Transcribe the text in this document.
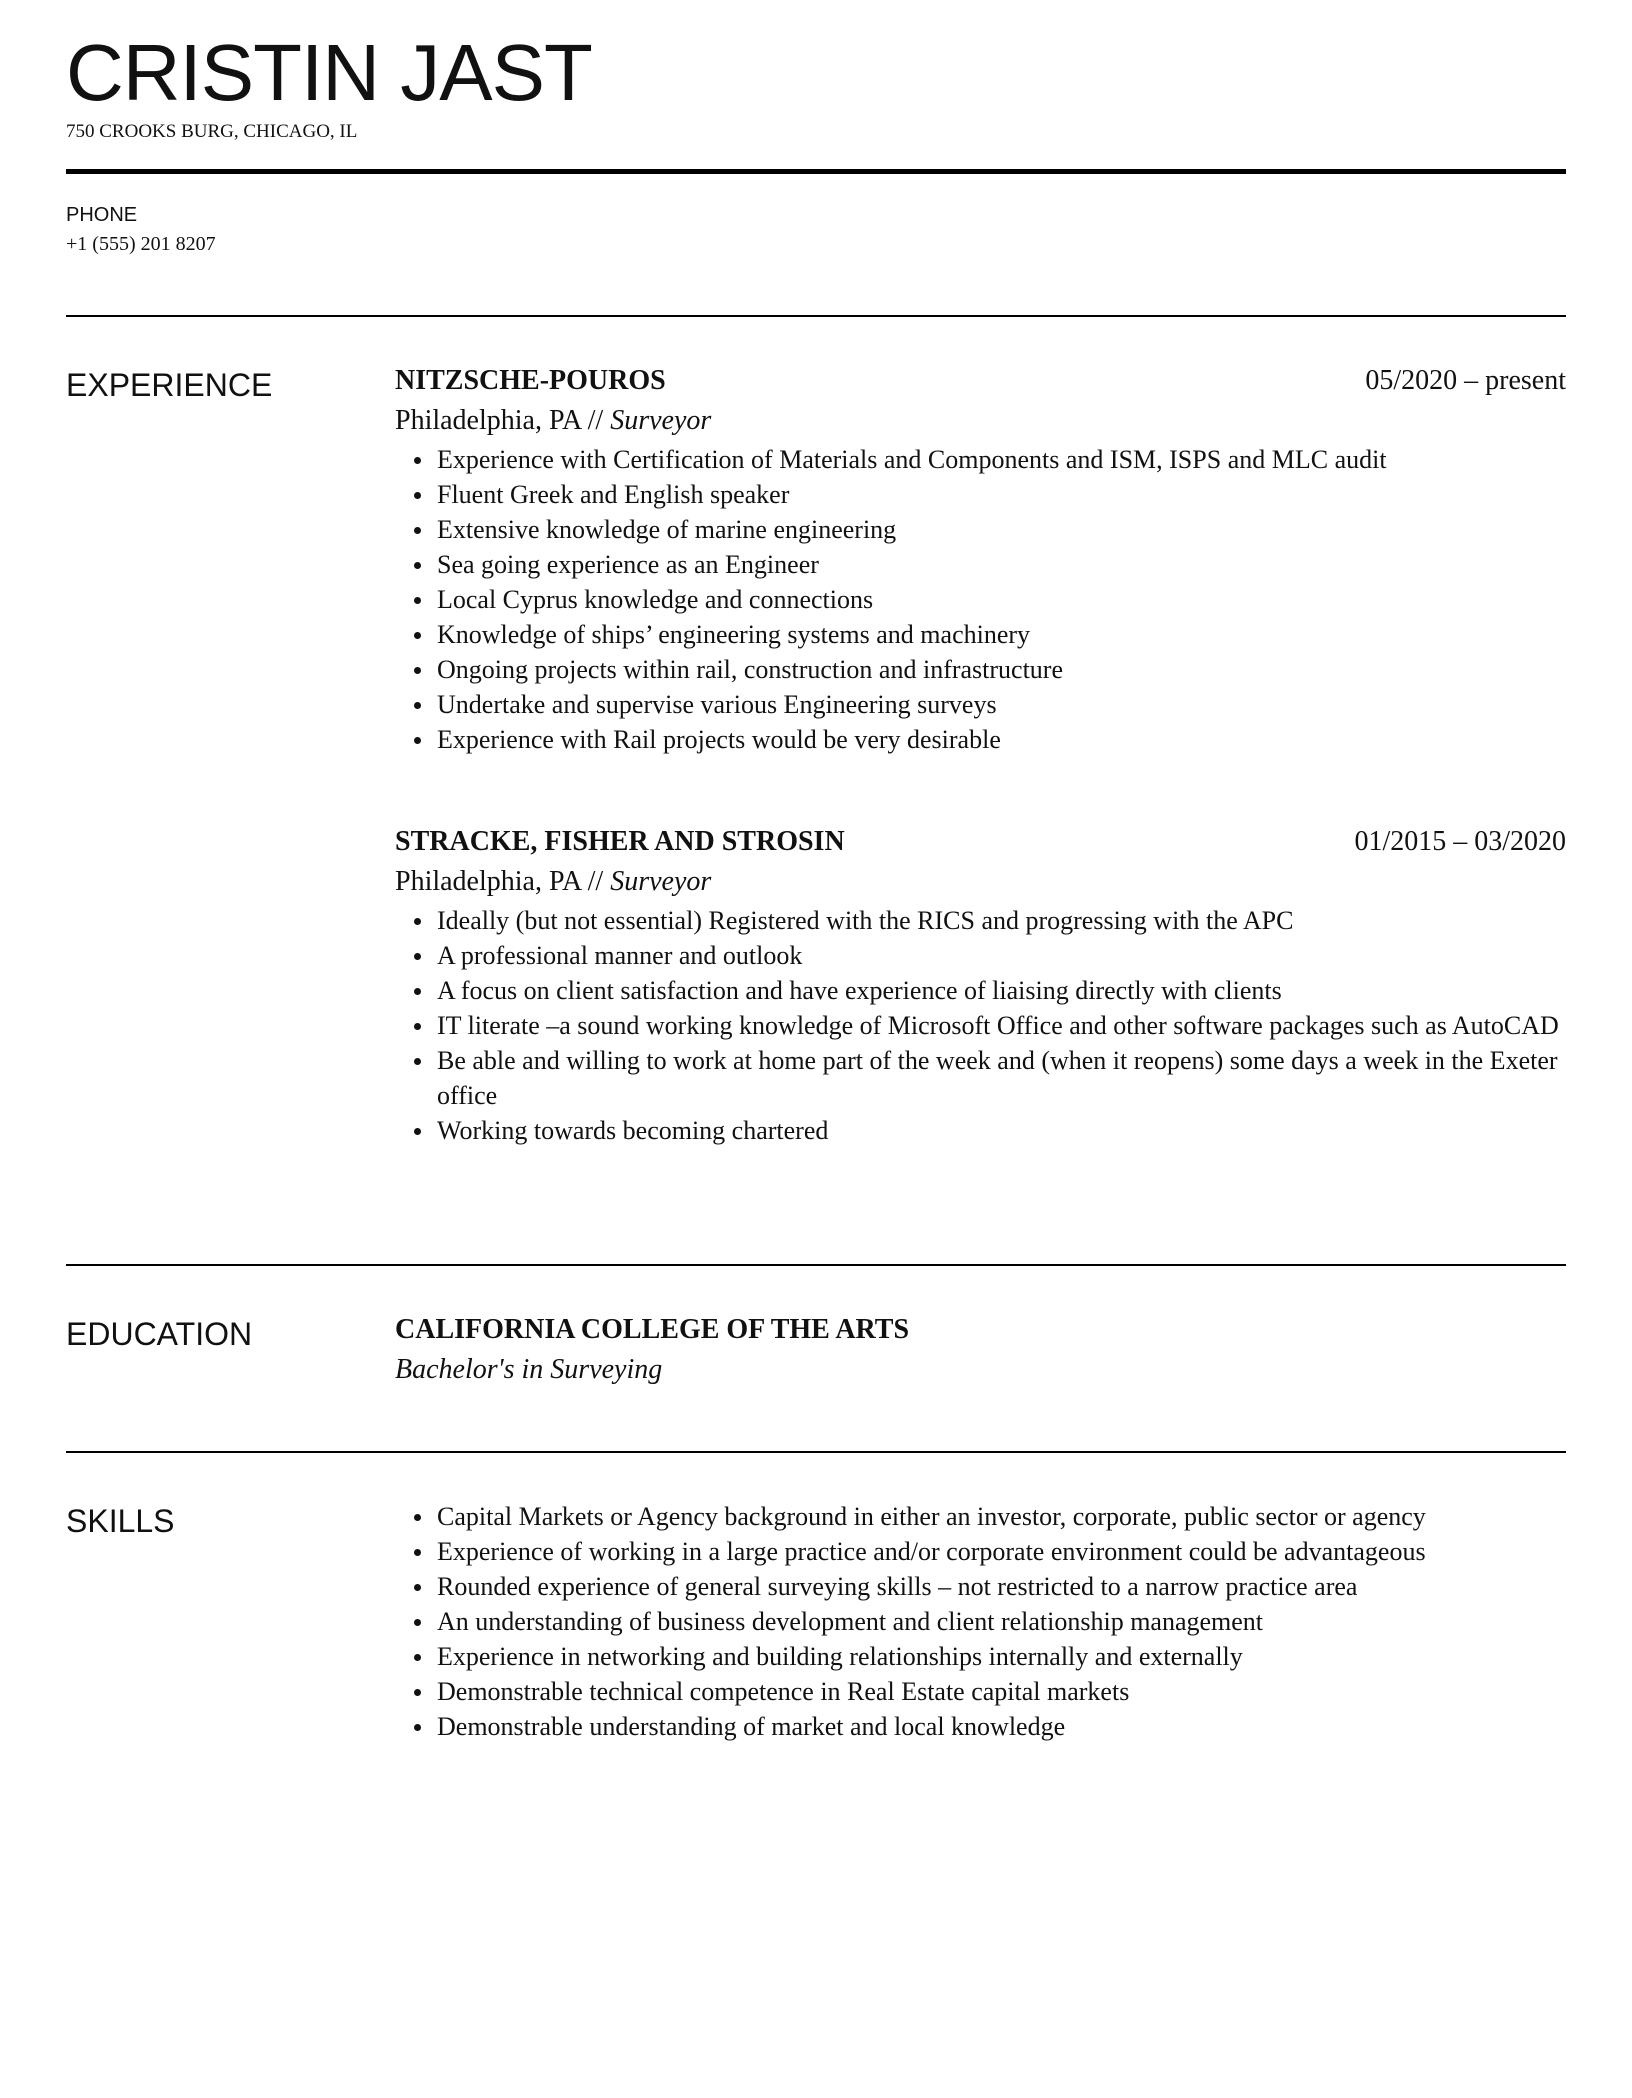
CRISTIN JAST
750 CROOKS BURG, CHICAGO, IL
PHONE
+1 (555) 201 8207
EXPERIENCE	NITZSCHE-POUROS	05/2020 – present
Philadelphia, PA // Surveyor
Experience with Certification of Materials and Components and ISM, ISPS and MLC audit
Fluent Greek and English speaker
Extensive knowledge of marine engineering
Sea going experience as an Engineer
Local Cyprus knowledge and connections
Knowledge of ships’ engineering systems and machinery
Ongoing projects within rail, construction and infrastructure
Undertake and supervise various Engineering surveys
Experience with Rail projects would be very desirable
STRACKE, FISHER AND STROSIN	01/2015 – 03/2020
Philadelphia, PA // Surveyor
Ideally (but not essential) Registered with the RICS and progressing with the APC
A professional manner and outlook
A focus on client satisfaction and have experience of liaising directly with clients
IT literate –a sound working knowledge of Microsoft Office and other software packages such as AutoCAD
Be able and willing to work at home part of the week and (when it reopens) some days a week in the Exeter office
Working towards becoming chartered
EDUCATION	CALIFORNIA COLLEGE OF THE ARTS
Bachelor's in Surveying
SKILLS	Capital Markets or Agency background in either an investor, corporate, public sector or agency
Experience of working in a large practice and/or corporate environment could be advantageous
Rounded experience of general surveying skills – not restricted to a narrow practice area
An understanding of business development and client relationship management
Experience in networking and building relationships internally and externally
Demonstrable technical competence in Real Estate capital markets
Demonstrable understanding of market and local knowledge
